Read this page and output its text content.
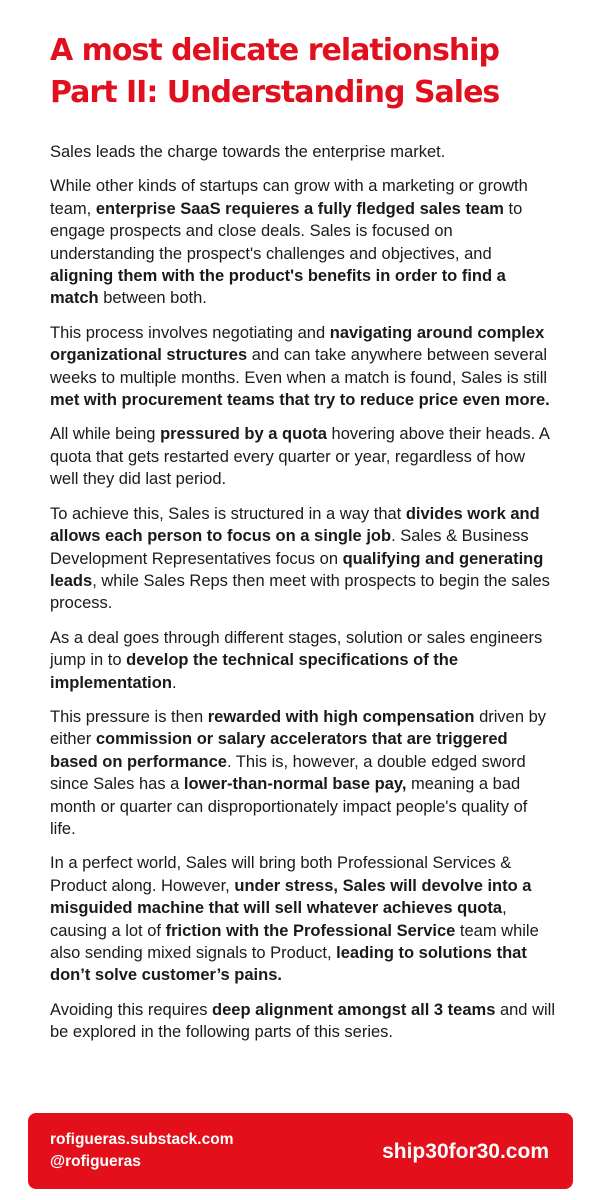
A most delicate relationship
Part II: Understanding Sales

Sales leads the charge towards the enterprise market.

While other kinds of startups can grow with a marketing or growth team, enterprise SaaS requieres a fully fledged sales team to engage prospects and close deals. Sales is focused on understanding the prospect's challenges and objectives, and aligning them with the product's benefits in order to find a match between both.

This process involves negotiating and navigating around complex organizational structures and can take anywhere between several weeks to multiple months. Even when a match is found, Sales is still met with procurement teams that try to reduce price even more.

All while being pressured by a quota hovering above their heads. A quota that gets restarted every quarter or year, regardless of how well they did last period.

To achieve this, Sales is structured in a way that divides work and allows each person to focus on a single job. Sales & Business Development Representatives focus on qualifying and generating leads, while Sales Reps then meet with prospects to begin the sales process.

As a deal goes through different stages, solution or sales engineers jump in to develop the technical specifications of the implementation.

This pressure is then rewarded with high compensation driven by either commission or salary accelerators that are triggered based on performance. This is, however, a double edged sword since Sales has a lower-than-normal base pay, meaning a bad month or quarter can disproportionately impact people's quality of life.

In a perfect world, Sales will bring both Professional Services & Product along. However, under stress, Sales will devolve into a misguided machine that will sell whatever achieves quota, causing a lot of friction with the Professional Service team while also sending mixed signals to Product, leading to solutions that don’t solve customer’s pains.

Avoiding this requires deep alignment amongst all 3 teams and will be explored in the following parts of this series.

rofigueras.substack.com
@rofigueras	ship30for30.com
